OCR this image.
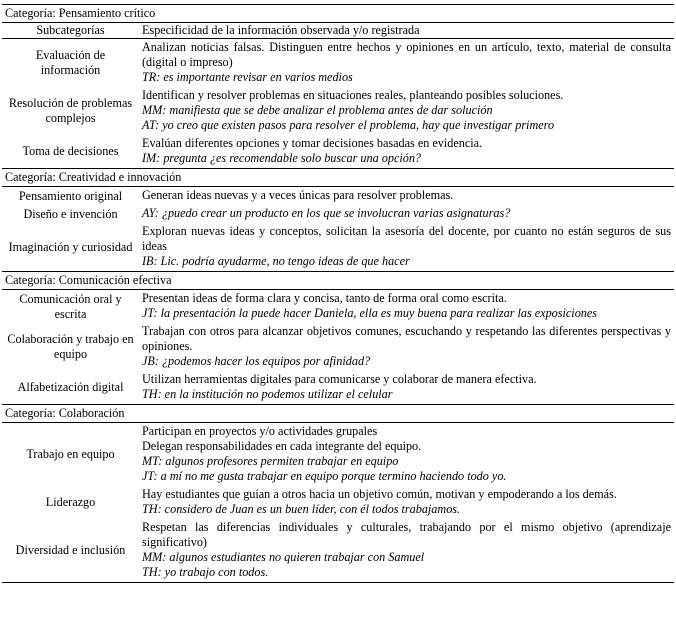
Categoría: Pensamiento crítico	
Subcategorías	Especificidad de la información observada y/o registrada
Evaluación de información	Analizan noticias falsas. Distinguen entre hechos y opiniones en un artículo, texto, material de consulta (digital o impreso)
TR: es importante revisar en varios medios

Resolución de problemas complejos	Identifican y resolver problemas en situaciones reales, planteando posibles soluciones.
MM: manifiesta que se debe analizar el problema antes de dar solución
AT: yo creo que existen pasos para resolver el problema, hay que investigar primero

Toma de decisiones	Evalúan diferentes opciones y tomar decisiones basadas en evidencia.
IM: pregunta ¿es recomendable solo buscar una opción?

Categoría: Creatividad e innovación	
Pensamiento original	Generan ideas nuevas y a veces únicas para resolver problemas.

Diseño e invención	AY: ¿puedo crear un producto en los que se involucran varias asignaturas?

Imaginación y curiosidad	Exploran nuevas ideas y conceptos, solicitan la asesoría del docente, por cuanto no están seguros de sus ideas
IB: Lic. podría ayudarme, no tengo ideas de que hacer

Categoría: Comunicación efectiva	
Comunicación oral y escrita	Presentan ideas de forma clara y concisa, tanto de forma oral como escrita.
JT: la presentación la puede hacer Daniela, ella es muy buena para realizar las exposiciones

Colaboración y trabajo en equipo	Trabajan con otros para alcanzar objetivos comunes, escuchando y respetando las diferentes perspectivas y opiniones.
JB: ¿podemos hacer los equipos por afinidad?

Alfabetización digital	Utilizan herramientas digitales para comunicarse y colaborar de manera efectiva.
TH: en la institución no podemos utilizar el celular

Categoría: Colaboración	
Trabajo en equipo	Participan en proyectos y/o actividades grupales
Delegan responsabilidades en cada integrante del equipo.
MT: algunos profesores permiten trabajar en equipo
JT: a mí no me gusta trabajar en equipo porque termino haciendo todo yo.

Liderazgo	Hay estudiantes que guían a otros hacia un objetivo común, motivan y empoderando a los demás.
TH: considero de Juan es un buen líder, con él todos trabajamos.

Diversidad e inclusión	Respetan las diferencias individuales y culturales, trabajando por el mismo objetivo (aprendizaje significativo)
MM: algunos estudiantes no quieren trabajar con Samuel
TH: yo trabajo con todos.
